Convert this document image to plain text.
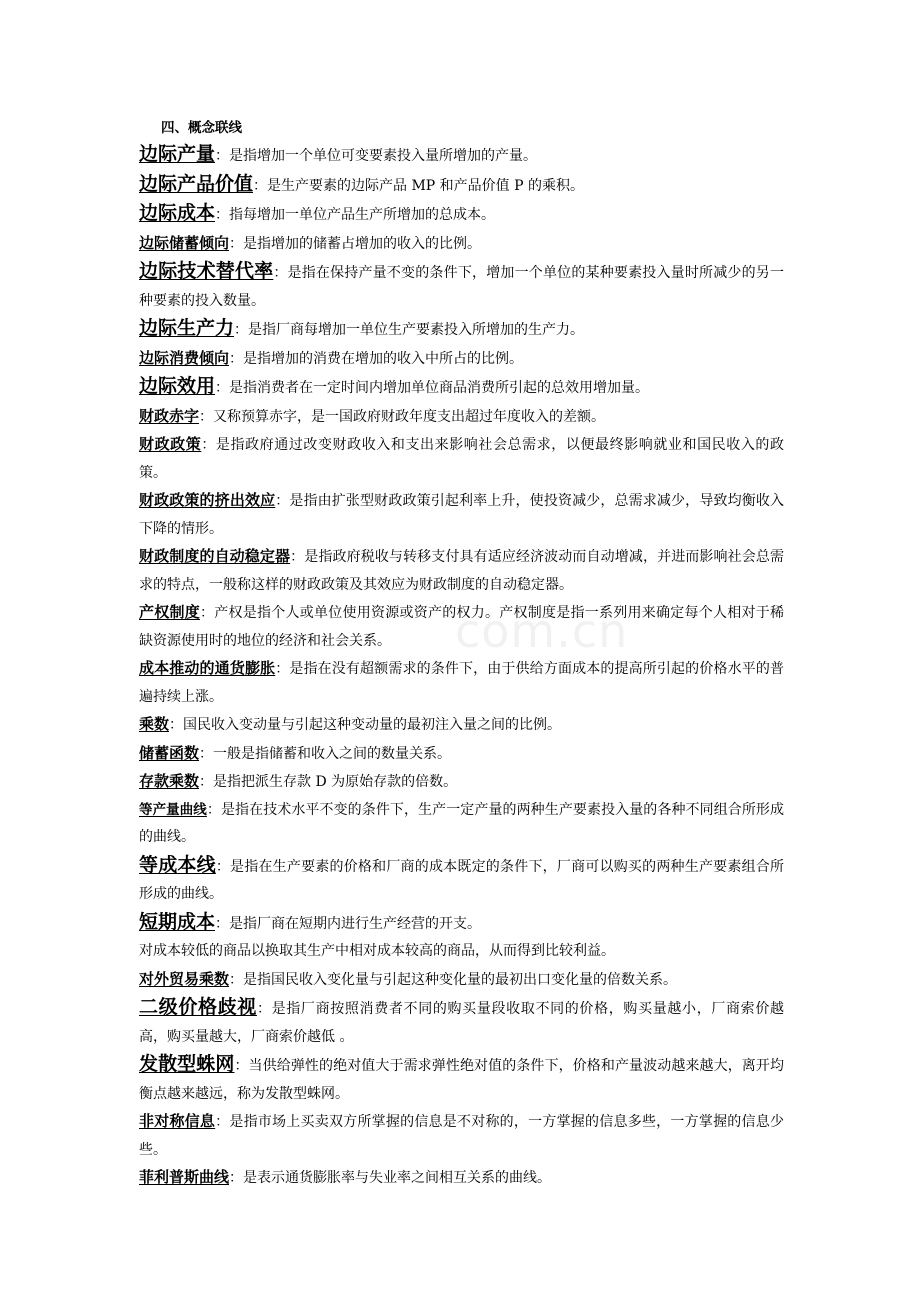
四、概念联线
边际产量：是指增加一个单位可变要素投入量所增加的产量。
边际产品价值：是生产要素的边际产品 MP 和产品价值 P 的乘积。
边际成本：指每增加一单位产品生产所增加的总成本。
边际储蓄倾向：是指增加的储蓄占增加的收入的比例。
边际技术替代率：是指在保持产量不变的条件下，增加一个单位的某种要素投入量时所减少的另一种要素的投入数量。
边际生产力：是指厂商每增加一单位生产要素投入所增加的生产力。
边际消费倾向：是指增加的消费在增加的收入中所占的比例。
边际效用：是指消费者在一定时间内增加单位商品消费所引起的总效用增加量。
财政赤字：又称预算赤字，是一国政府财政年度支出超过年度收入的差额。
财政政策：是指政府通过改变财政收入和支出来影响社会总需求，以便最终影响就业和国民收入的政策。
财政政策的挤出效应：是指由扩张型财政政策引起利率上升，使投资减少，总需求减少，导致均衡收入下降的情形。
财政制度的自动稳定器：是指政府税收与转移支付具有适应经济波动而自动增减，并进而影响社会总需求的特点，一般称这样的财政政策及其效应为财政制度的自动稳定器。
产权制度：产权是指个人或单位使用资源或资产的权力。产权制度是指一系列用来确定每个人相对于稀缺资源使用时的地位的经济和社会关系。
成本推动的通货膨胀：是指在没有超额需求的条件下，由于供给方面成本的提高所引起的价格水平的普遍持续上涨。
乘数：国民收入变动量与引起这种变动量的最初注入量之间的比例。
储蓄函数：一般是指储蓄和收入之间的数量关系。
存款乘数：是指把派生存款 D 为原始存款的倍数。
等产量曲线：是指在技术水平不变的条件下，生产一定产量的两种生产要素投入量的各种不同组合所形成的曲线。
等成本线：是指在生产要素的价格和厂商的成本既定的条件下，厂商可以购买的两种生产要素组合所形成的曲线。
短期成本：是指厂商在短期内进行生产经营的开支。
对成本较低的商品以换取其生产中相对成本较高的商品，从而得到比较利益。
对外贸易乘数：是指国民收入变化量与引起这种变化量的最初出口变化量的倍数关系。
二级价格歧视：是指厂商按照消费者不同的购买量段收取不同的价格，购买量越小，厂商索价越高，购买量越大，厂商索价越低 。
发散型蛛网：当供给弹性的绝对值大于需求弹性绝对值的条件下，价格和产量波动越来越大，离开均衡点越来越远，称为发散型蛛网。
非对称信息：是指市场上买卖双方所掌握的信息是不对称的，一方掌握的信息多些，一方掌握的信息少些。
菲利普斯曲线：是表示通货膨胀率与失业率之间相互关系的曲线。
com.cn
